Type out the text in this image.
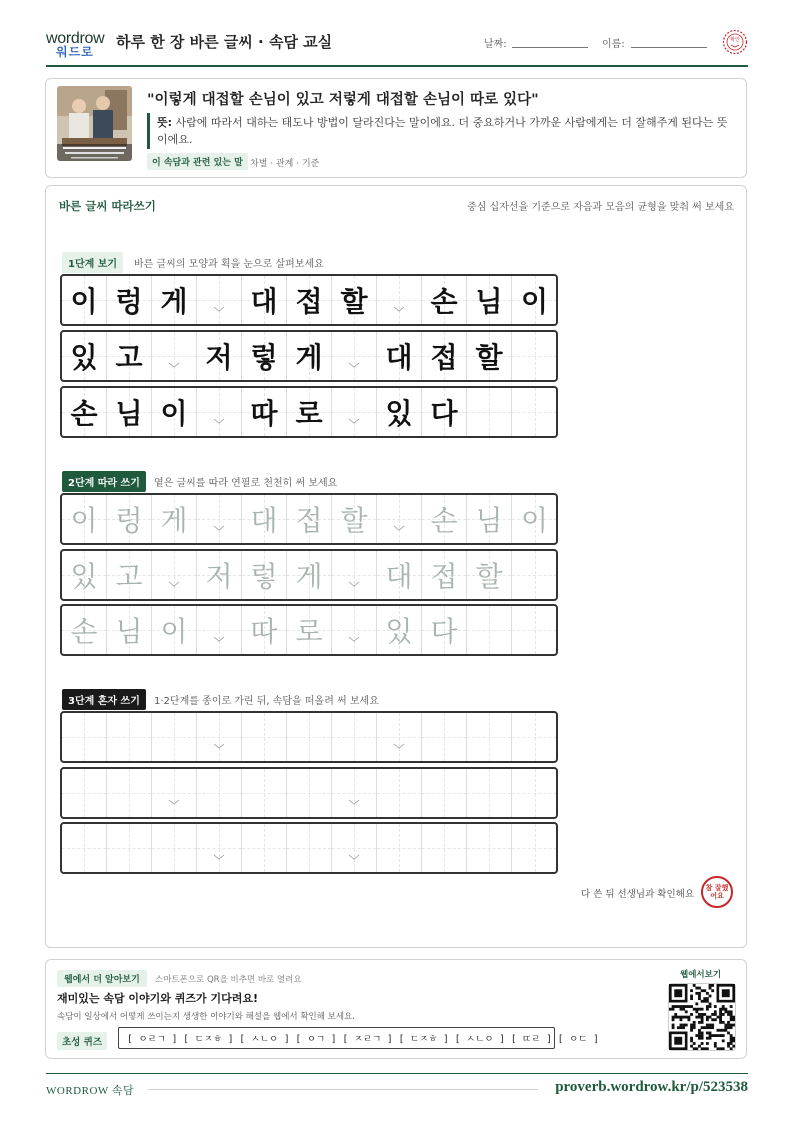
wordrow
워드로
하루 한 장 바른 글씨 · 속담 교실	날짜:	이름:	확인
"이렇게 대접할 손님이 있고 저렇게 대접할 손님이 따로 있다"
뜻: 사람에 따라서 대하는 태도나 방법이 달라진다는 말이에요. 더 중요하거나 가까운 사람에게는 더 잘해주게 된다는 뜻이에요.
이 속담과 관련 있는 말 차별 · 관계 · 기준
바른 글씨 따라쓰기	중심 십자선을 기준으로 자음과 모음의 균형을 맞춰 써 보세요
1단계 보기	바른 글씨의 모양과 획을 눈으로 살펴보세요
2단계 따라 쓰기	옅은 글씨를 따라 연필로 천천히 써 보세요
3단계 혼자 쓰기	1·2단계를 종이로 가린 뒤, 속담을 떠올려 써 보세요
이 렁 게 ﹀ 대 접 할 ﹀ 손 님 이
있 고 ﹀ 저 렇 게 ﹀ 대 접 할
손 님 이 ﹀ 따 로 ﹀ 있 다
이 렁 게 ﹀ 대 접 할 ﹀ 손 님 이
있 고 ﹀ 저 렇 게 ﹀ 대 접 할
손 님 이 ﹀ 따 로 ﹀ 있 다
﹀	﹀
﹀	﹀
﹀	﹀
다 쓴 뒤 선생님과 확인해요
참 잘했어요
웹에서 더 알아보기	스마트폰으로 QR을 비추면 바로 열려요
재미있는 속담 이야기와 퀴즈가 기다려요!
속담이 일상에서 어떻게 쓰이는지 생생한 이야기와 해설을 웹에서 확인해 보세요.
초성 퀴즈	[ ㅇㄹㄱ ] [ ㄷㅈㅎ ] [ ㅅㄴㅇ ] [ ㅇㄱ ] [ ㅈㄹㄱ ] [ ㄷㅈㅎ ] [ ㅅㄴㅇ ] [ ㄸㄹ ] [ ㅇㄷ ]
웹에서보기
WORDROW 속담	proverb.wordrow.kr/p/523538
